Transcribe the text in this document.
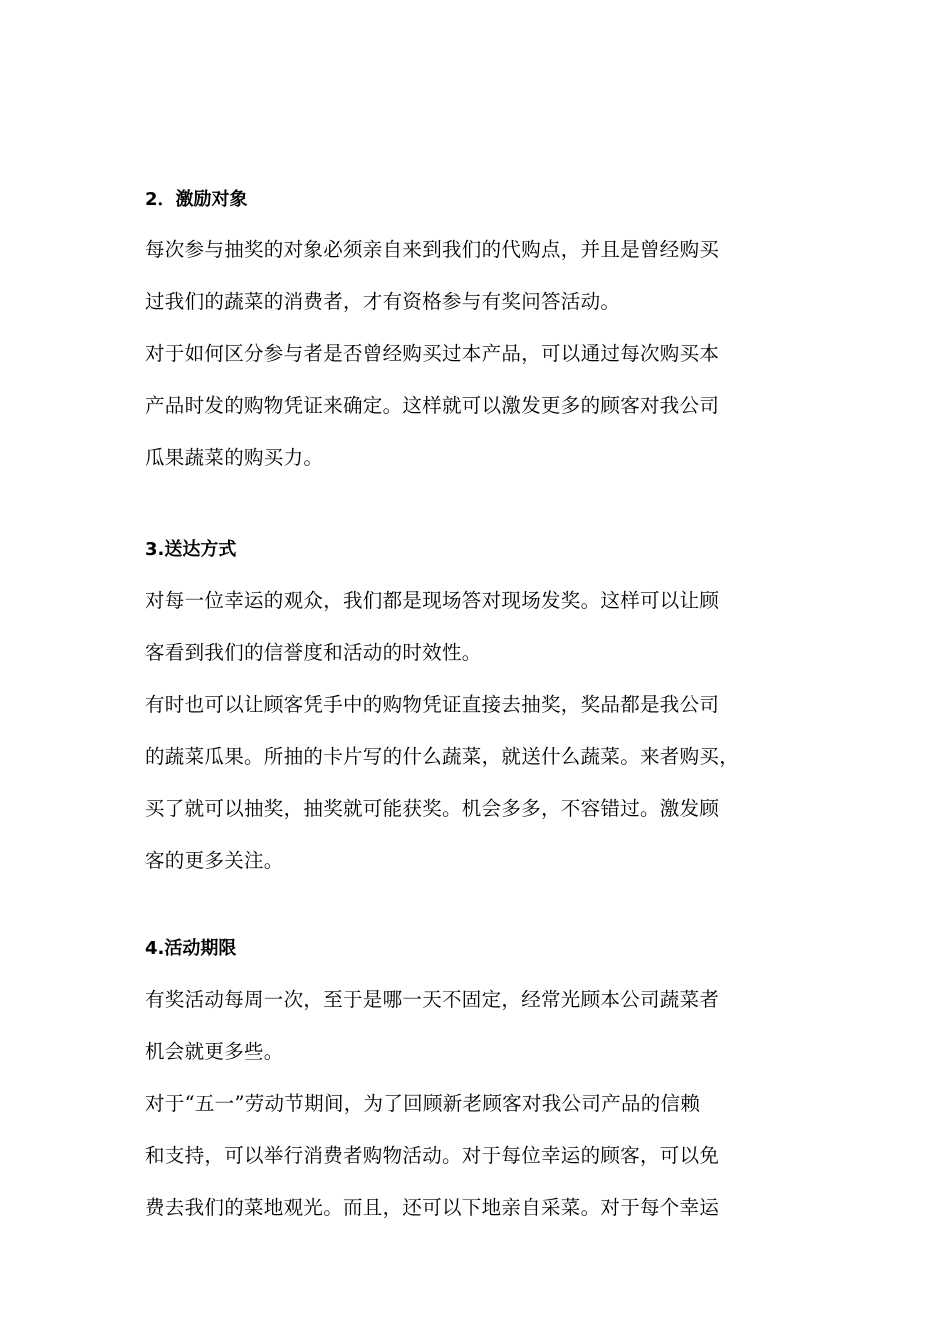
2．激励对象
每次参与抽奖的对象必须亲自来到我们的代购点，并且是曾经购买
过我们的蔬菜的消费者，才有资格参与有奖问答活动。
对于如何区分参与者是否曾经购买过本产品，可以通过每次购买本
产品时发的购物凭证来确定。这样就可以激发更多的顾客对我公司
瓜果蔬菜的购买力。
3.送达方式
对每一位幸运的观众，我们都是现场答对现场发奖。这样可以让顾
客看到我们的信誉度和活动的时效性。
有时也可以让顾客凭手中的购物凭证直接去抽奖，奖品都是我公司
的蔬菜瓜果。所抽的卡片写的什么蔬菜，就送什么蔬菜。来者购买，
买了就可以抽奖，抽奖就可能获奖。机会多多，不容错过。激发顾
客的更多关注。
4.活动期限
有奖活动每周一次，至于是哪一天不固定，经常光顾本公司蔬菜者
机会就更多些。
对于“五一”劳动节期间，为了回顾新老顾客对我公司产品的信赖
和支持，可以举行消费者购物活动。对于每位幸运的顾客，可以免
费去我们的菜地观光。而且，还可以下地亲自采菜。对于每个幸运
